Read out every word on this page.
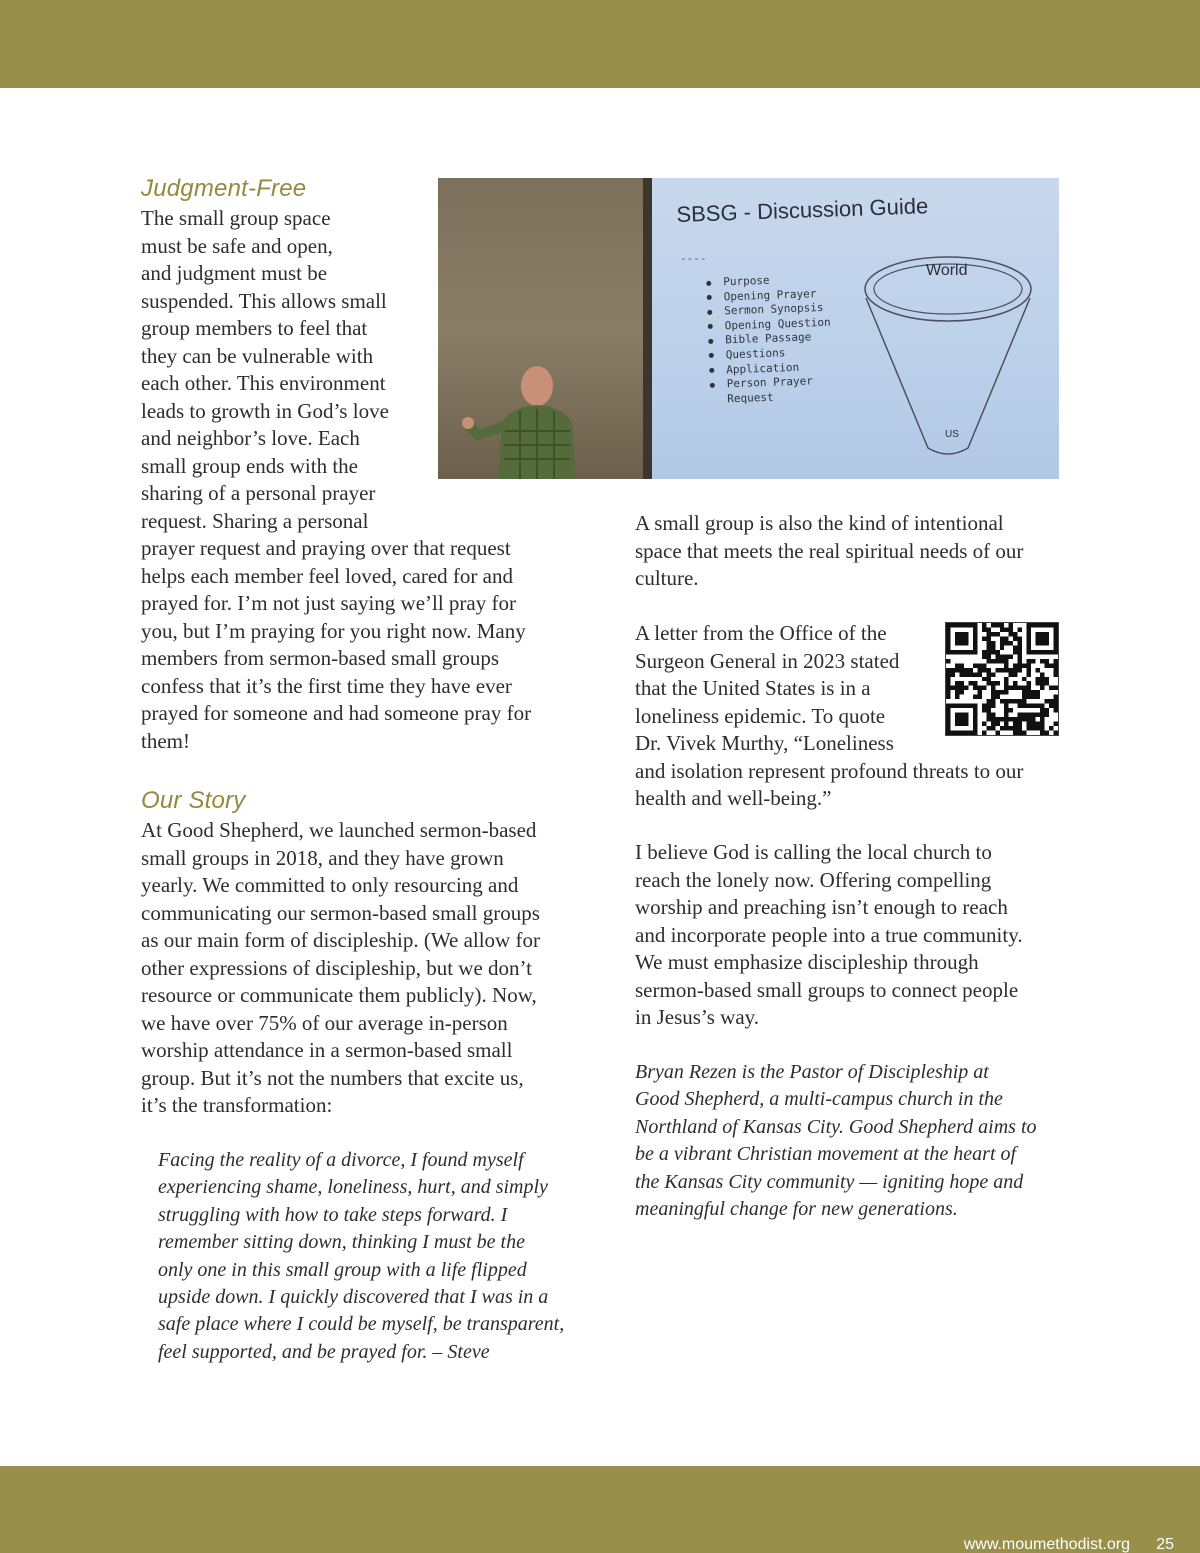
Judgment-Free
The small group space
must be safe and open,
and judgment must be
suspended. This allows small
group members to feel that
they can be vulnerable with
each other. This environment
leads to growth in God’s love
and neighbor’s love. Each
small group ends with the
sharing of a personal prayer
request. Sharing a personal
prayer request and praying over that request
helps each member feel loved, cared for and
prayed for. I’m not just saying we’ll pray for
you, but I’m praying for you right now. Many
members from sermon-based small groups
confess that it’s the first time they have ever
prayed for someone and had someone pray for
them!
Our Story
At Good Shepherd, we launched sermon-based
small groups in 2018, and they have grown
yearly. We committed to only resourcing and
communicating our sermon-based small groups
as our main form of discipleship. (We allow for
other expressions of discipleship, but we don’t
resource or communicate them publicly). Now,
we have over 75% of our average in-person
worship attendance in a sermon-based small
group. But it’s not the numbers that excite us,
it’s the transformation:
Facing the reality of a divorce, I found myself
experiencing shame, loneliness, hurt, and simply
struggling with how to take steps forward. I
remember sitting down, thinking I must be the
only one in this small group with a life flipped
upside down. I quickly discovered that I was in a
safe place where I could be myself, be transparent,
feel supported, and be prayed for. – Steve
SBSG - Discussion Guide
----
Purpose
Opening Prayer
Sermon Synopsis
Opening Question
Bible Passage
Questions
Application
Person Prayer
Request
World
US
A small group is also the kind of intentional
space that meets the real spiritual needs of our
culture.
A letter from the Office of the
Surgeon General in 2023 stated
that the United States is in a
loneliness epidemic. To quote
Dr. Vivek Murthy, “Loneliness
and isolation represent profound threats to our
health and well-being.”
I believe God is calling the local church to
reach the lonely now. Offering compelling
worship and preaching isn’t enough to reach
and incorporate people into a true community.
We must emphasize discipleship through
sermon-based small groups to connect people
in Jesus’s way.
Bryan Rezen is the Pastor of Discipleship at
Good Shepherd, a multi-campus church in the
Northland of Kansas City. Good Shepherd aims to
be a vibrant Christian movement at the heart of
the Kansas City community — igniting hope and
meaningful change for new generations.
www.moumethodist.org 25
